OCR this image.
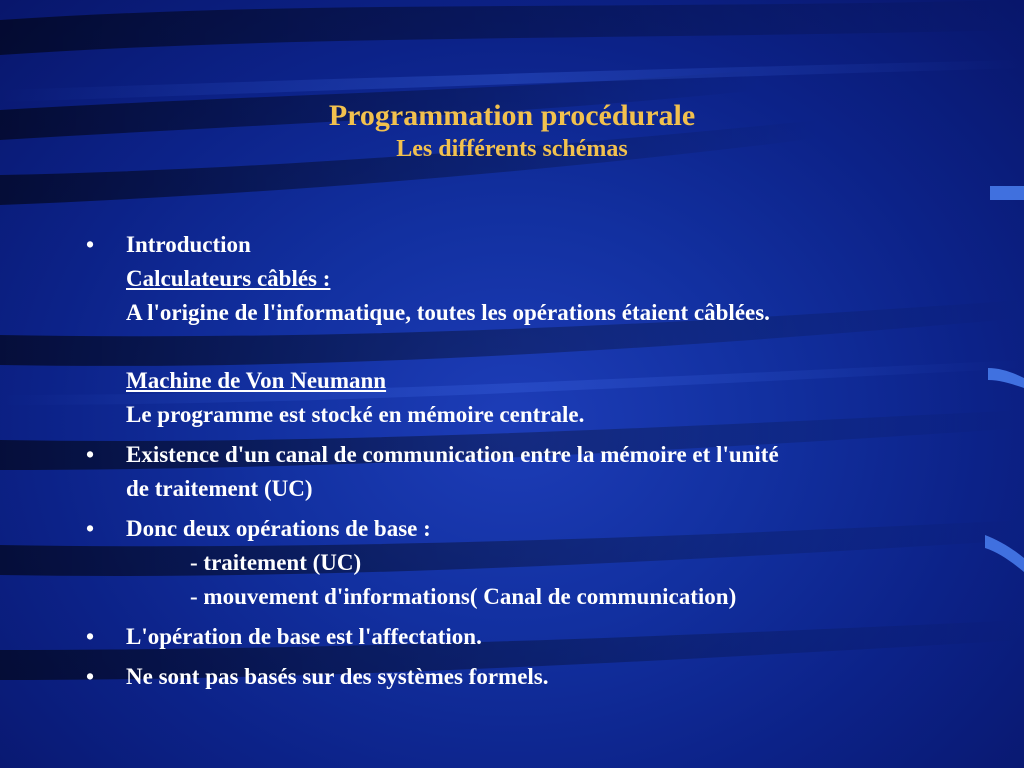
Programmation procédurale
Les différents schémas
•	Introduction
Calculateurs câblés :
A l'origine de l'informatique, toutes les opérations étaient câblées.
Machine de Von Neumann
Le programme est stocké en mémoire centrale.
•	Existence d'un canal de communication entre la mémoire et l'unité
de traitement (UC)
•	Donc deux opérations de base :
- traitement (UC)
- mouvement d'informations( Canal de communication)
•	L'opération de base est l'affectation.
•	Ne sont pas basés sur des systèmes formels.
